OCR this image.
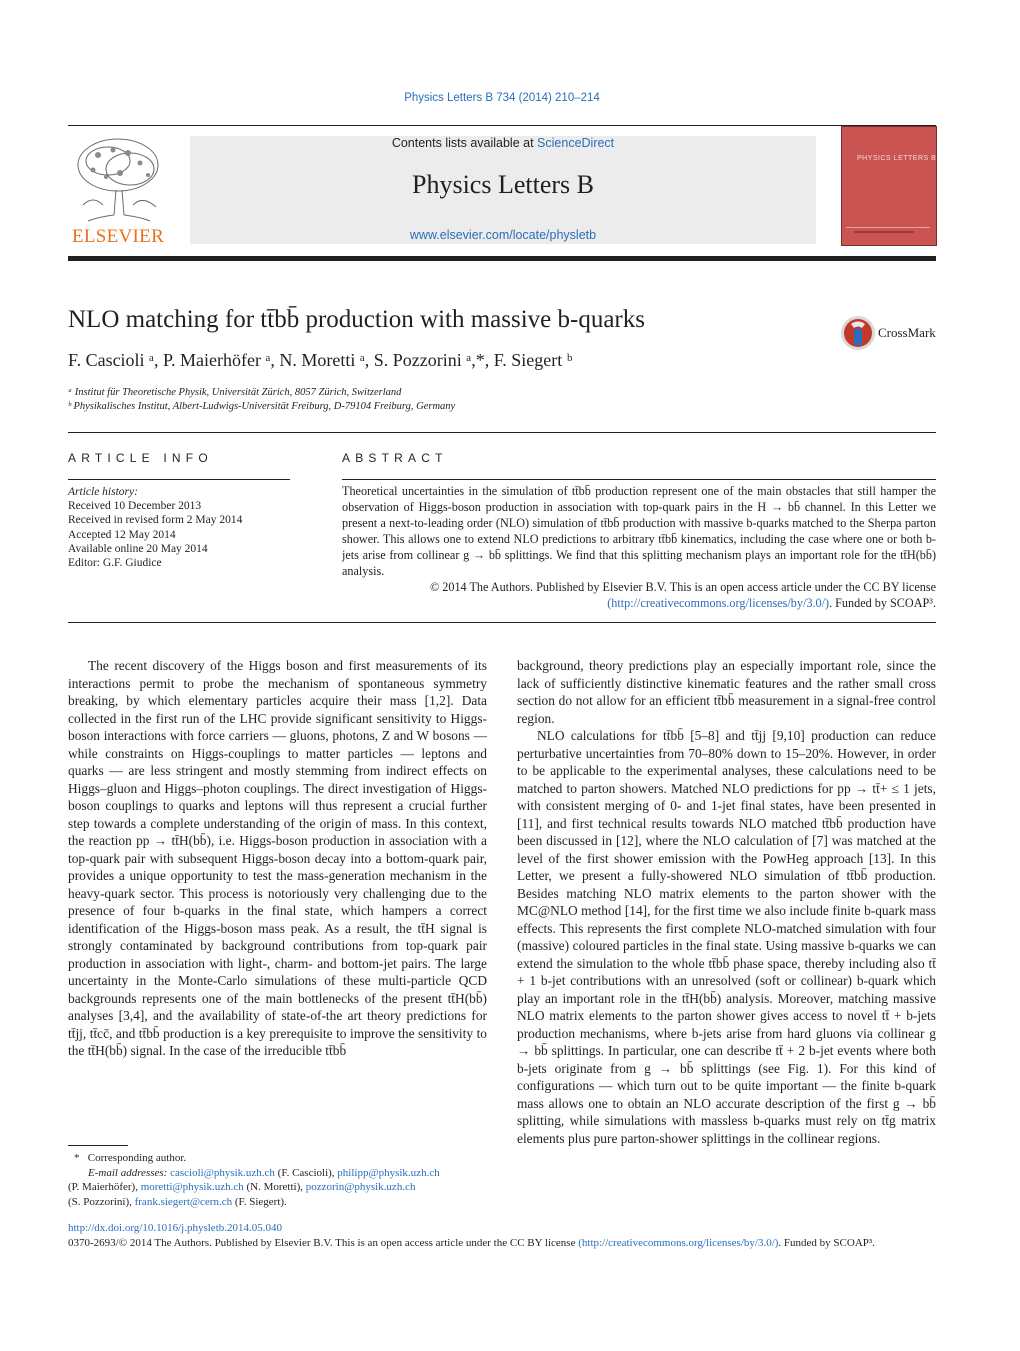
Physics Letters B 734 (2014) 210–214
ELSEVIER
Contents lists available at ScienceDirect
Physics Letters B
www.elsevier.com/locate/physletb
PHYSICS LETTERS B
NLO matching for tt̄bb̄ production with massive b-quarks	CrossMark
F. Cascioli ᵃ, P. Maierhöfer ᵃ, N. Moretti ᵃ, S. Pozzorini ᵃ,*, F. Siegert ᵇ
ᵃ Institut für Theoretische Physik, Universität Zürich, 8057 Zürich, Switzerland
ᵇ Physikalisches Institut, Albert-Ludwigs-Universität Freiburg, D-79104 Freiburg, Germany
ARTICLE INFO
Article history:
Received 10 December 2013
Received in revised form 2 May 2014
Accepted 12 May 2014
Available online 20 May 2014
Editor: G.F. Giudice
ABSTRACT
Theoretical uncertainties in the simulation of tt̄bb̄ production represent one of the main obstacles that still hamper the observation of Higgs-boson production in association with top-quark pairs in the H → bb̄ channel. In this Letter we present a next-to-leading order (NLO) simulation of tt̄bb̄ production with massive b-quarks matched to the Sherpa parton shower. This allows one to extend NLO predictions to arbitrary tt̄bb̄ kinematics, including the case where one or both b-jets arise from collinear g → bb̄ splittings. We find that this splitting mechanism plays an important role for the tt̄H(bb̄) analysis.
© 2014 The Authors. Published by Elsevier B.V. This is an open access article under the CC BY license (http://creativecommons.org/licenses/by/3.0/). Funded by SCOAP³.

The recent discovery of the Higgs boson and first measurements of its interactions permit to probe the mechanism of spontaneous symmetry breaking, by which elementary particles acquire their mass [1,2]. Data collected in the first run of the LHC provide significant sensitivity to Higgs-boson interactions with force carriers — gluons, photons, Z and W bosons — while constraints on Higgs-couplings to matter particles — leptons and quarks — are less stringent and mostly stemming from indirect effects on Higgs–gluon and Higgs–photon couplings. The direct investigation of Higgs-boson couplings to quarks and leptons will thus represent a crucial further step towards a complete understanding of the origin of mass. In this context, the reaction pp → tt̄H(bb̄), i.e. Higgs-boson production in association with a top-quark pair with subsequent Higgs-boson decay into a bottom-quark pair, provides a unique opportunity to test the mass-generation mechanism in the heavy-quark sector. This process is notoriously very challenging due to the presence of four b-quarks in the final state, which hampers a correct identification of the Higgs-boson mass peak. As a result, the tt̄H signal is strongly contaminated by background contributions from top-quark pair production in association with light-, charm- and bottom-jet pairs. The large uncertainty in the Monte-Carlo simulations of these multi-particle QCD backgrounds represents one of the main bottlenecks of the present tt̄H(bb̄) analyses [3,4], and the availability of state-of-the art theory predictions for tt̄jj, tt̄cc̄, and tt̄bb̄ production is a key prerequisite to improve the sensitivity to the tt̄H(bb̄) signal. In the case of the irreducible tt̄bb̄

background, theory predictions play an especially important role, since the lack of sufficiently distinctive kinematic features and the rather small cross section do not allow for an efficient tt̄bb̄ measurement in a signal-free control region.

NLO calculations for tt̄bb̄ [5–8] and tt̄jj [9,10] production can reduce perturbative uncertainties from 70–80% down to 15–20%. However, in order to be applicable to the experimental analyses, these calculations need to be matched to parton showers. Matched NLO predictions for pp → tt̄+ ≤ 1 jets, with consistent merging of 0- and 1-jet final states, have been presented in [11], and first technical results towards NLO matched tt̄bb̄ production have been discussed in [12], where the NLO calculation of [7] was matched at the level of the first shower emission with the PowHeg approach [13]. In this Letter, we present a fully-showered NLO simulation of tt̄bb̄ production. Besides matching NLO matrix elements to the parton shower with the MC@NLO method [14], for the first time we also include finite b-quark mass effects. This represents the first complete NLO-matched simulation with four (massive) coloured particles in the final state. Using massive b-quarks we can extend the simulation to the whole tt̄bb̄ phase space, thereby including also tt̄ + 1 b-jet contributions with an unresolved (soft or collinear) b-quark which play an important role in the tt̄H(bb̄) analysis. Moreover, matching massive NLO matrix elements to the parton shower gives access to novel tt̄ + b-jets production mechanisms, where b-jets arise from hard gluons via collinear g → bb̄ splittings. In particular, one can describe tt̄ + 2 b-jet events where both b-jets originate from g → bb̄ splittings (see Fig. 1). For this kind of configurations — which turn out to be quite important — the finite b-quark mass allows one to obtain an NLO accurate description of the first g → bb̄ splitting, while simulations with massless b-quarks must rely on tt̄g matrix elements plus pure parton-shower splittings in the collinear regions.

* Corresponding author.
E-mail addresses: cascioli@physik.uzh.ch (F. Cascioli), philipp@physik.uzh.ch
(P. Maierhöfer), moretti@physik.uzh.ch (N. Moretti), pozzorin@physik.uzh.ch
(S. Pozzorini), frank.siegert@cern.ch (F. Siegert).
http://dx.doi.org/10.1016/j.physletb.2014.05.040
0370-2693/© 2014 The Authors. Published by Elsevier B.V. This is an open access article under the CC BY license (http://creativecommons.org/licenses/by/3.0/). Funded by SCOAP³.
